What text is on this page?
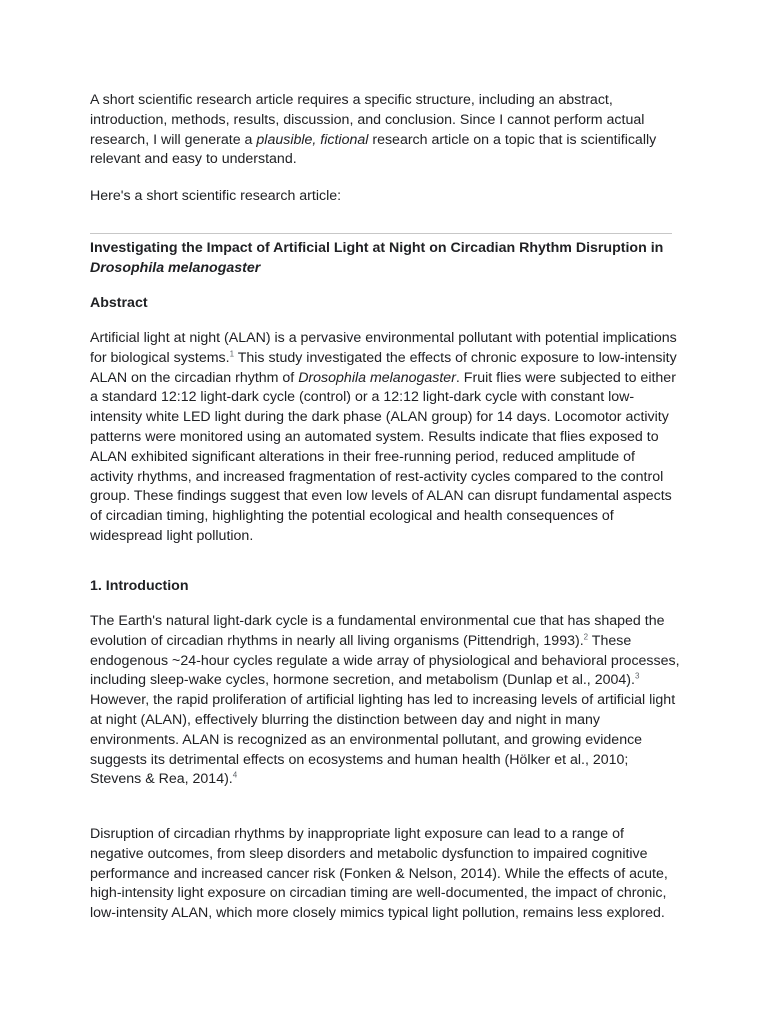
A short scientific research article requires a specific structure, including an abstract, introduction, methods, results, discussion, and conclusion. Since I cannot perform actual research, I will generate a plausible, fictional research article on a topic that is scientifically relevant and easy to understand.

Here's a short scientific research article:

Investigating the Impact of Artificial Light at Night on Circadian Rhythm Disruption in Drosophila melanogaster

Abstract

Artificial light at night (ALAN) is a pervasive environmental pollutant with potential implications for biological systems.$^1$ This study investigated the effects of chronic exposure to low-intensity ALAN on the circadian rhythm of Drosophila melanogaster. Fruit flies were subjected to either a standard 12:12 light-dark cycle (control) or a 12:12 light-dark cycle with constant low-intensity white LED light during the dark phase (ALAN group) for 14 days. Locomotor activity patterns were monitored using an automated system. Results indicate that flies exposed to ALAN exhibited significant alterations in their free-running period, reduced amplitude of activity rhythms, and increased fragmentation of rest-activity cycles compared to the control group. These findings suggest that even low levels of ALAN can disrupt fundamental aspects of circadian timing, highlighting the potential ecological and health consequences of widespread light pollution.

1. Introduction

The Earth's natural light-dark cycle is a fundamental environmental cue that has shaped the evolution of circadian rhythms in nearly all living organisms (Pittendrigh, 1993).$^2$ These endogenous ~24-hour cycles regulate a wide array of physiological and behavioral processes, including sleep-wake cycles, hormone secretion, and metabolism (Dunlap et al., 2004).$^3$ However, the rapid proliferation of artificial lighting has led to increasing levels of artificial light at night (ALAN), effectively blurring the distinction between day and night in many environments. ALAN is recognized as an environmental pollutant, and growing evidence suggests its detrimental effects on ecosystems and human health (Hölker et al., 2010; Stevens & Rea, 2014).$^4$

Disruption of circadian rhythms by inappropriate light exposure can lead to a range of negative outcomes, from sleep disorders and metabolic dysfunction to impaired cognitive performance and increased cancer risk (Fonken & Nelson, 2014). While the effects of acute, high-intensity light exposure on circadian timing are well-documented, the impact of chronic, low-intensity ALAN, which more closely mimics typical light pollution, remains less explored.
